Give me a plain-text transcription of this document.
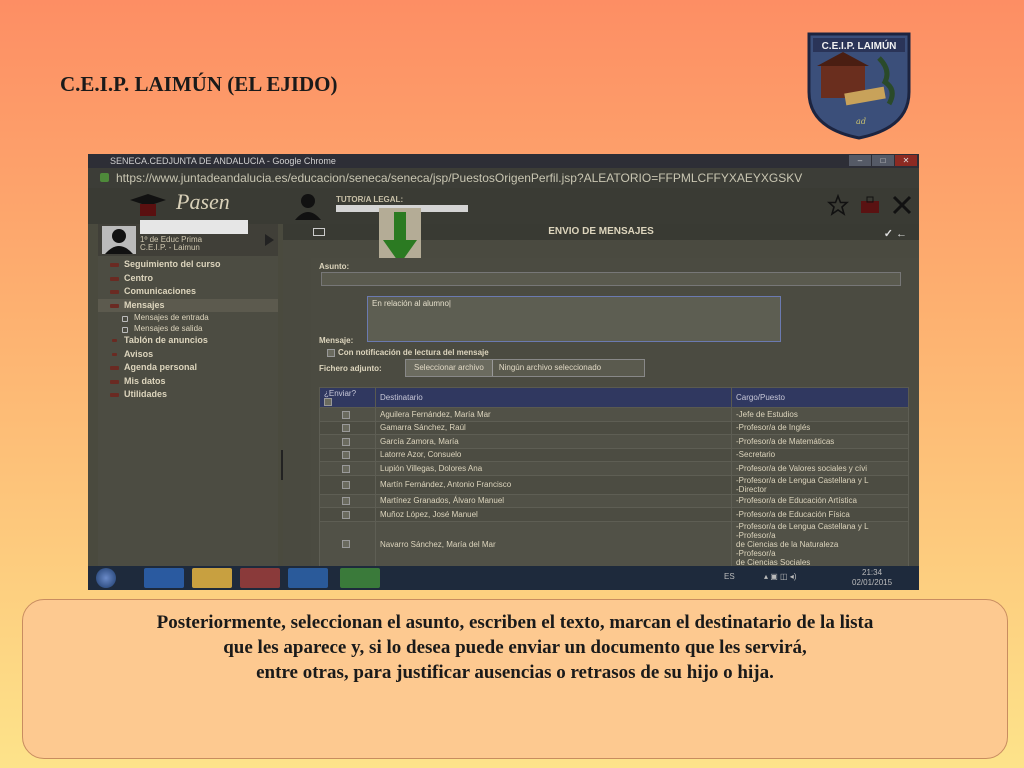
C.E.I.P. LAIMÚN (EL EJIDO)
C.E.I.P. LAIMÚN
ad
SENECA.CEDJUNTA DE ANDALUCIA - Google Chrome	–	□	✕
https://www.juntadeandalucia.es/educacion/seneca/seneca/jsp/PuestosOrigenPerfil.jsp?ALEATORIO=FFPMLCFFYXAEYXGSKV
Pasen	TUTOR/A LEGAL:
1º de Educ Prima
C.E.I.P. - Laimun
Seguimiento del curso
Centro
Comunicaciones
Mensajes
Mensajes de entrada
Mensajes de salida
Tablón de anuncios
Avisos
Agenda personal
Mis datos
Utilidades
ENVIO DE MENSAJES	✓ ←
Asunto:
En relación al alumno|
Mensaje:
Con notificación de lectura del mensaje
Fichero adjunto:	Seleccionar archivo Ningún archivo seleccionado
¿Enviar?	Destinatario	Cargo/Puesto
	Aguilera Fernández, María Mar	-Jefe de Estudios

	Gamarra Sánchez, Raúl	-Profesor/a de Inglés

	García Zamora, María	-Profesor/a de Matemáticas

	Latorre Azor, Consuelo	-Secretario

	Lupión Villegas, Dolores Ana	-Profesor/a de Valores sociales y cívi

	Martín Fernández, Antonio Francisco	-Profesor/a de Lengua Castellana y L
-Director

	Martínez Granados, Álvaro Manuel	-Profesor/a de Educación Artística

	Muñoz López, José Manuel	-Profesor/a de Educación Física

	Navarro Sánchez, María del Mar	-Profesor/a de Lengua Castellana y L
-Profesor/a
de Ciencias de la Naturaleza
-Profesor/a
de Ciencias Sociales
ES	▴ ▣ ◫ ◂)	21:34
02/01/2015

Posteriormente, seleccionan el asunto, escriben el texto, marcan el destinatario de la lista
que les aparece y, si lo desea puede enviar un documento que les servirá,
entre otras, para justificar ausencias o retrasos de su hijo o hija.
